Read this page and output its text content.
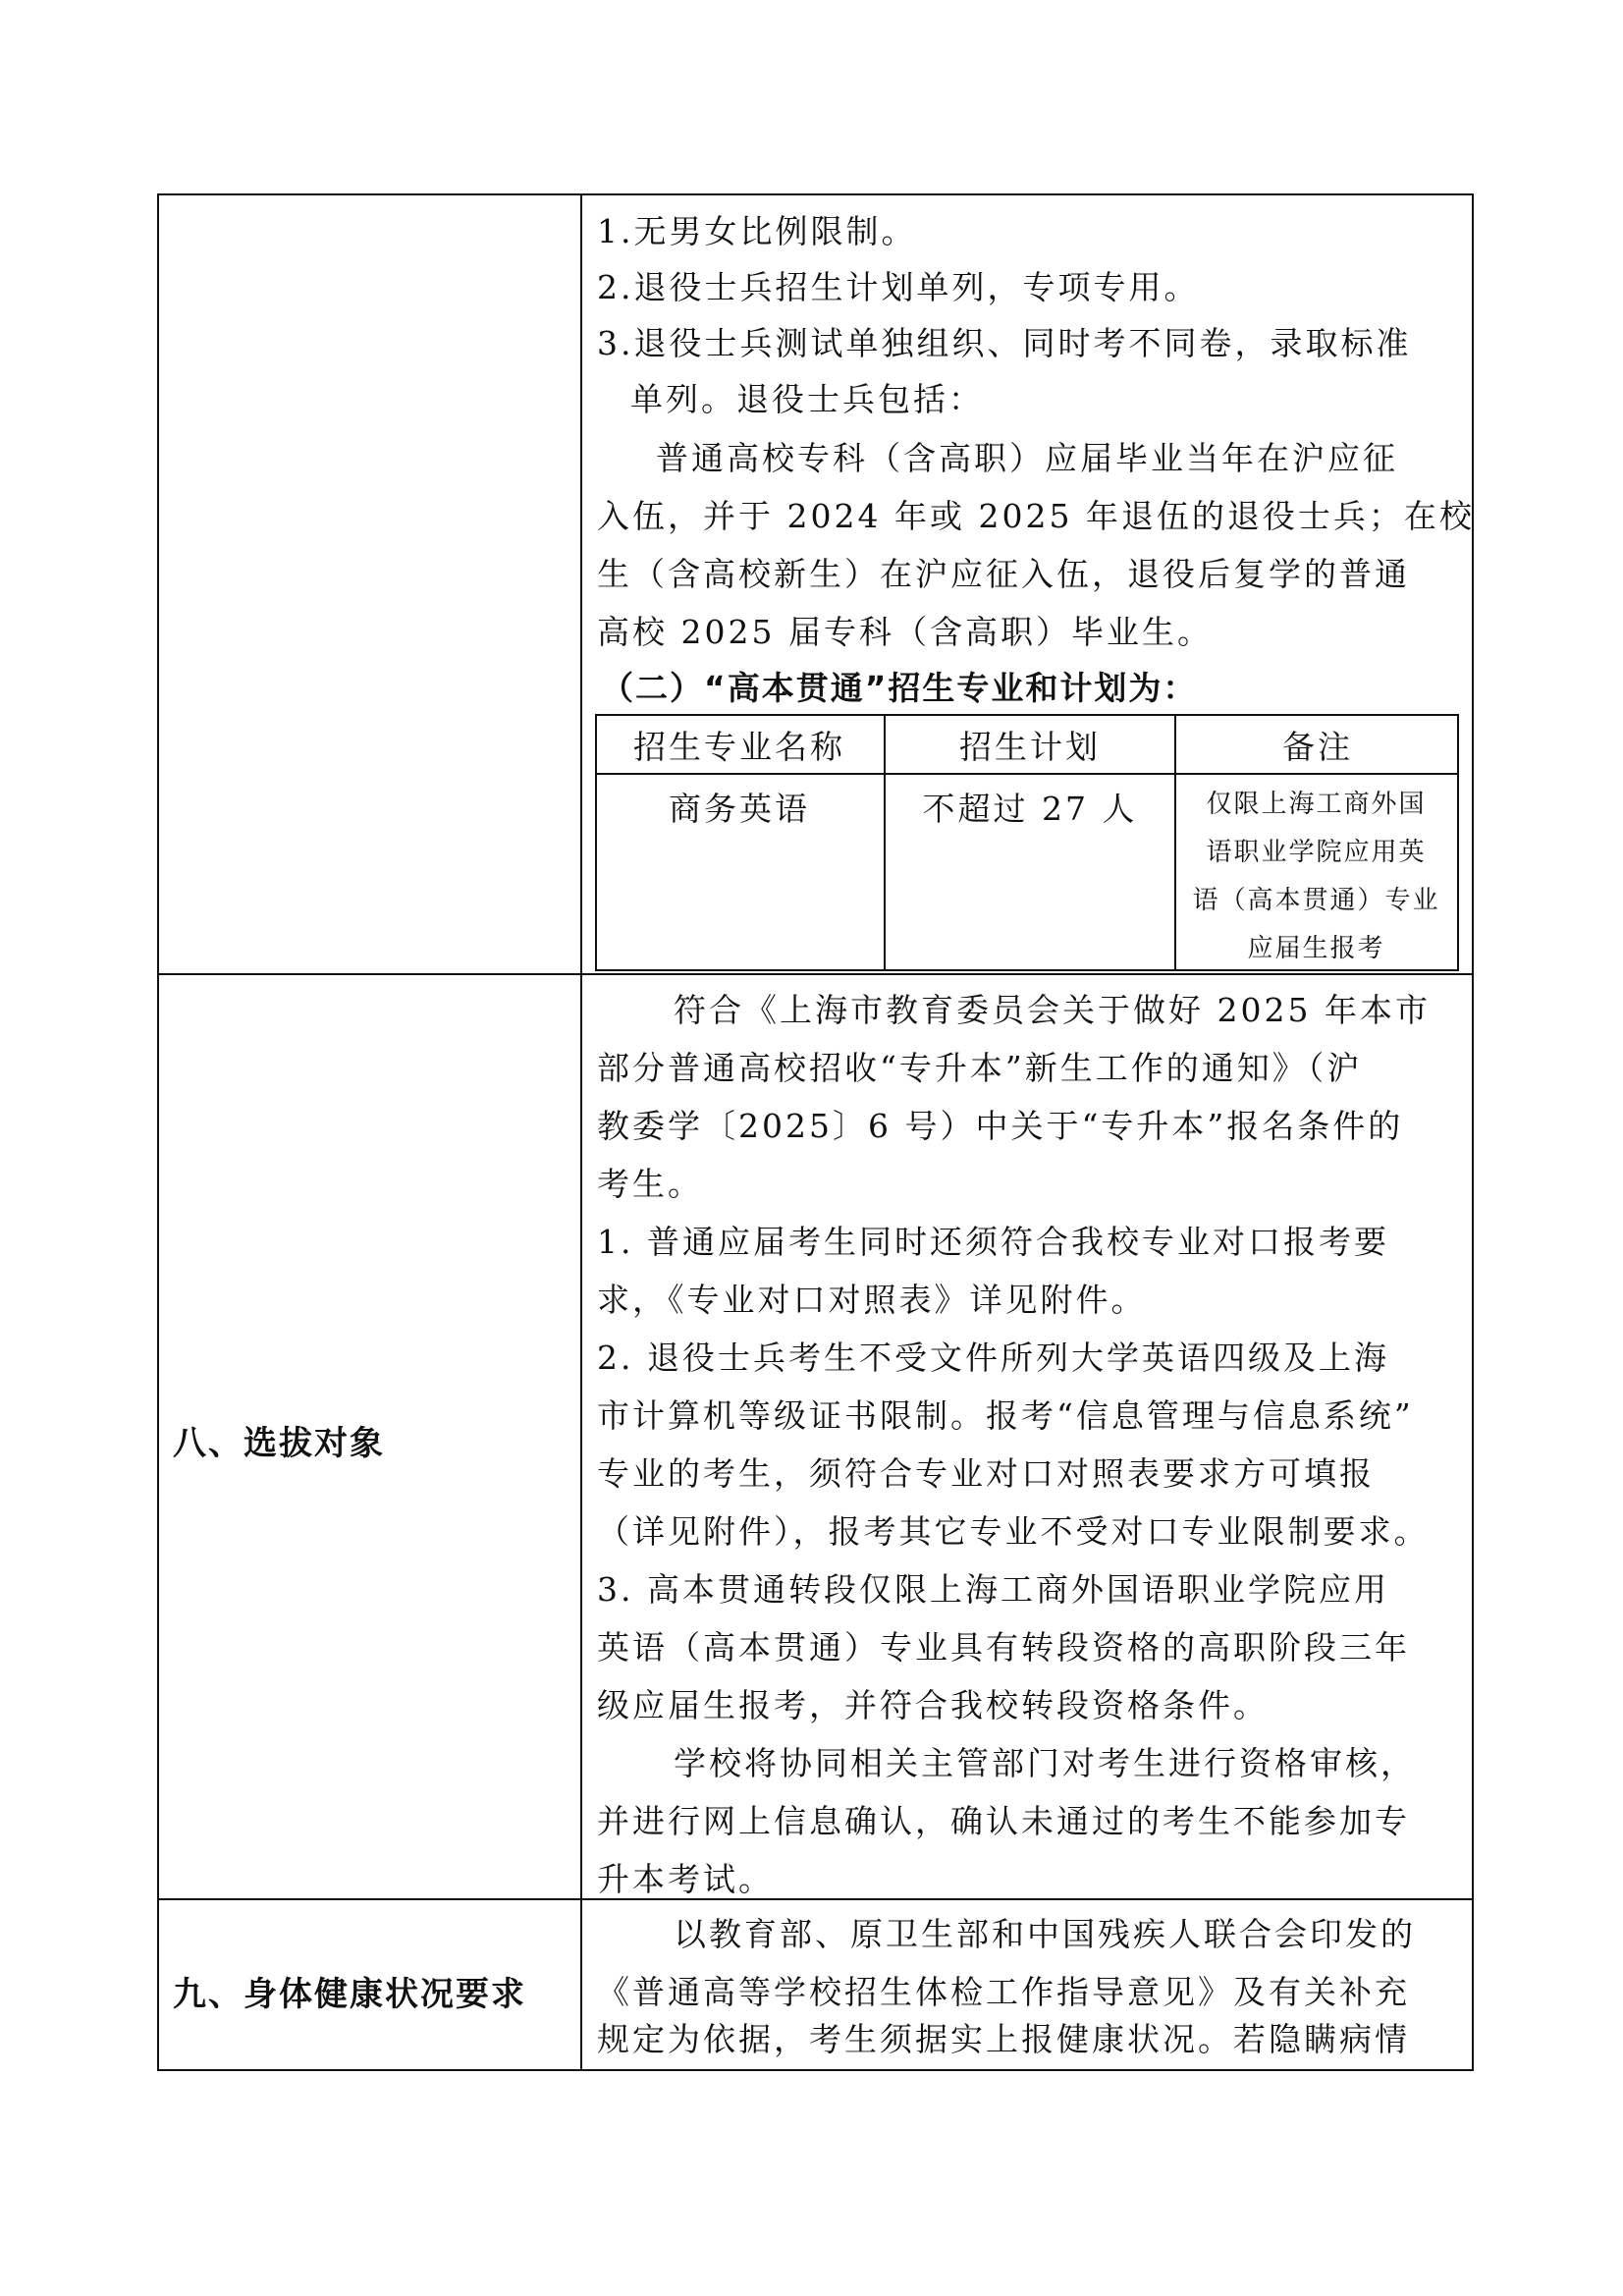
1.无男女比例限制。
2.退役士兵招生计划单列，专项专用。
3.退役士兵测试单独组织、同时考不同卷，录取标准
单列。退役士兵包括：
普通高校专科（含高职）应届毕业当年在沪应征
入伍，并于 2024 年或 2025 年退伍的退役士兵；在校
生（含高校新生）在沪应征入伍，退役后复学的普通
高校 2025 届专科（含高职）毕业生。
（二）“高本贯通”招生专业和计划为：
招生专业名称	招生计划	备注
商务英语	不超过 27 人	仅限上海工商外国
语职业学院应用英
语（高本贯通）专业
应届生报考
八、选拔对象
符合《上海市教育委员会关于做好 2025 年本市
部分普通高校招收“专升本”新生工作的通知》（沪
教委学〔2025〕6 号）中关于“专升本”报名条件的
考生。
1. 普通应届考生同时还须符合我校专业对口报考要
求，《专业对口对照表》详见附件。
2. 退役士兵考生不受文件所列大学英语四级及上海
市计算机等级证书限制。报考“信息管理与信息系统”
专业的考生，须符合专业对口对照表要求方可填报
（详见附件），报考其它专业不受对口专业限制要求。
3. 高本贯通转段仅限上海工商外国语职业学院应用
英语（高本贯通）专业具有转段资格的高职阶段三年
级应届生报考，并符合我校转段资格条件。
学校将协同相关主管部门对考生进行资格审核，
并进行网上信息确认，确认未通过的考生不能参加专
升本考试。
九、身体健康状况要求
以教育部、原卫生部和中国残疾人联合会印发的
《普通高等学校招生体检工作指导意见》及有关补充
规定为依据，考生须据实上报健康状况。若隐瞒病情
